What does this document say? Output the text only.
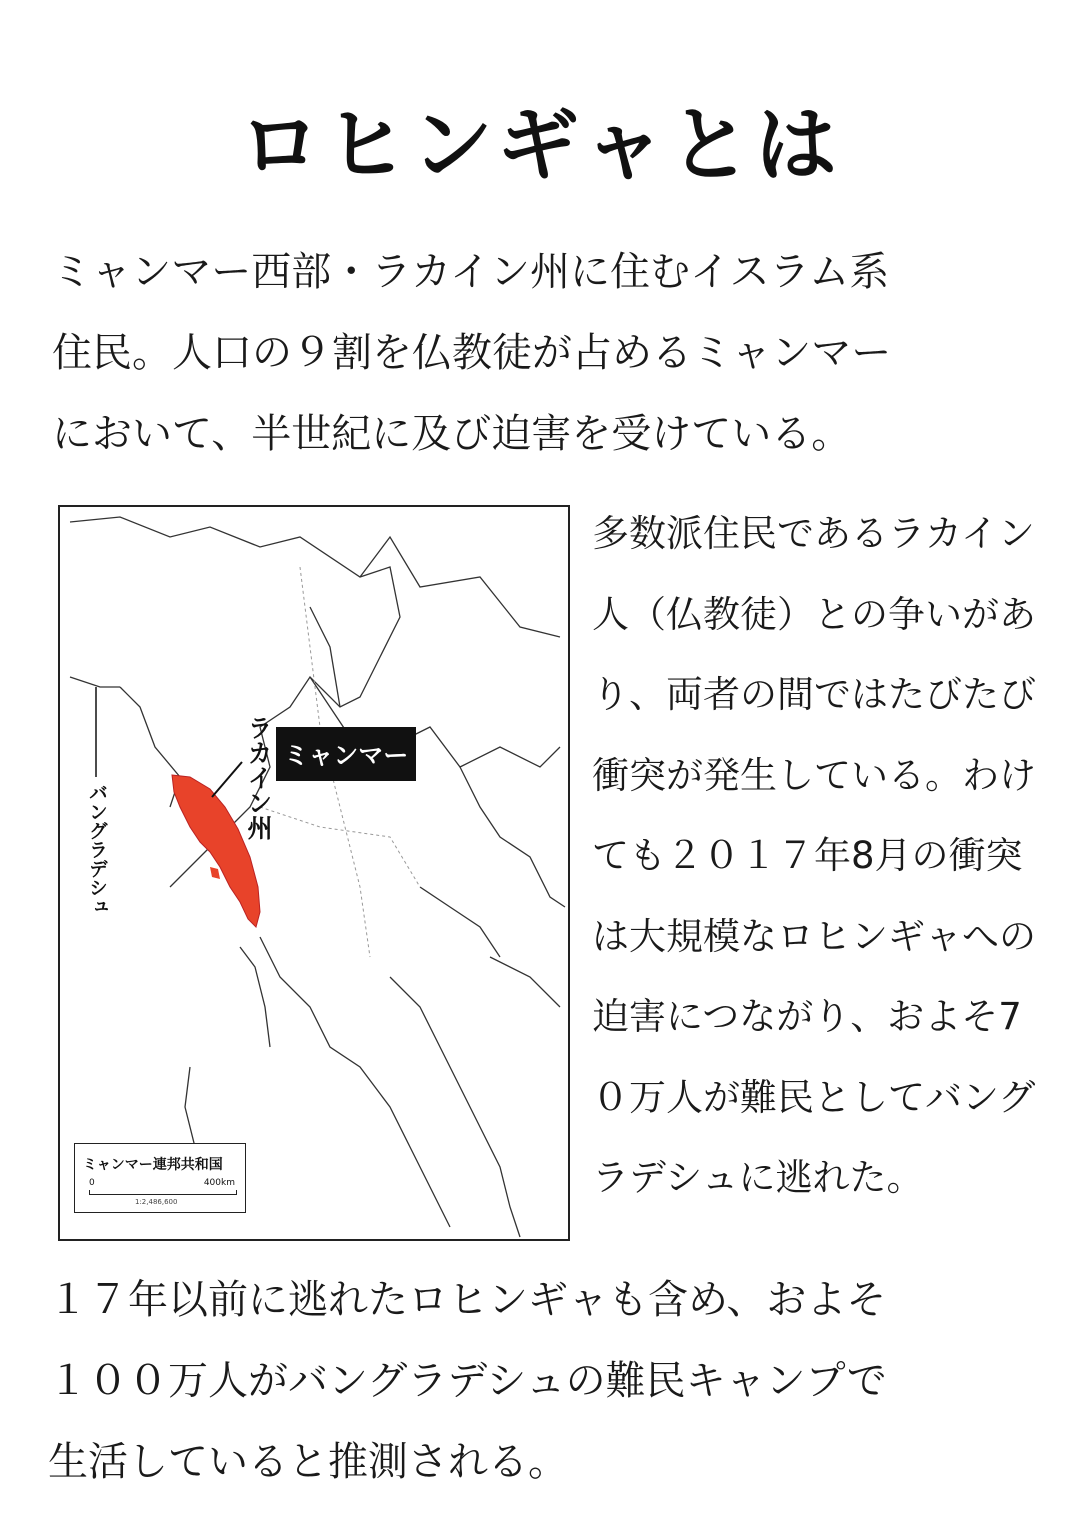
ロヒンギャとは

ミャンマー西部・ラカイン州に住むイスラム系
住民。人口の９割を仏教徒が占めるミャンマー
において、半世紀に及び迫害を受けている。

ミャンマー
ラカイン州
バングラデシュ
ミャンマー連邦共和国
0	400km
1:2,486,600

多数派住民であるラカイン
人（仏教徒）との争いがあ
り、両者の間ではたびたび
衝突が発生している。わけ
ても２０１７年8月の衝突
は大規模なロヒンギャへの
迫害につながり、およそ7
０万人が難民としてバング
ラデシュに逃れた。

１７年以前に逃れたロヒンギャも含め、およそ
１００万人がバングラデシュの難民キャンプで
生活していると推測される。
